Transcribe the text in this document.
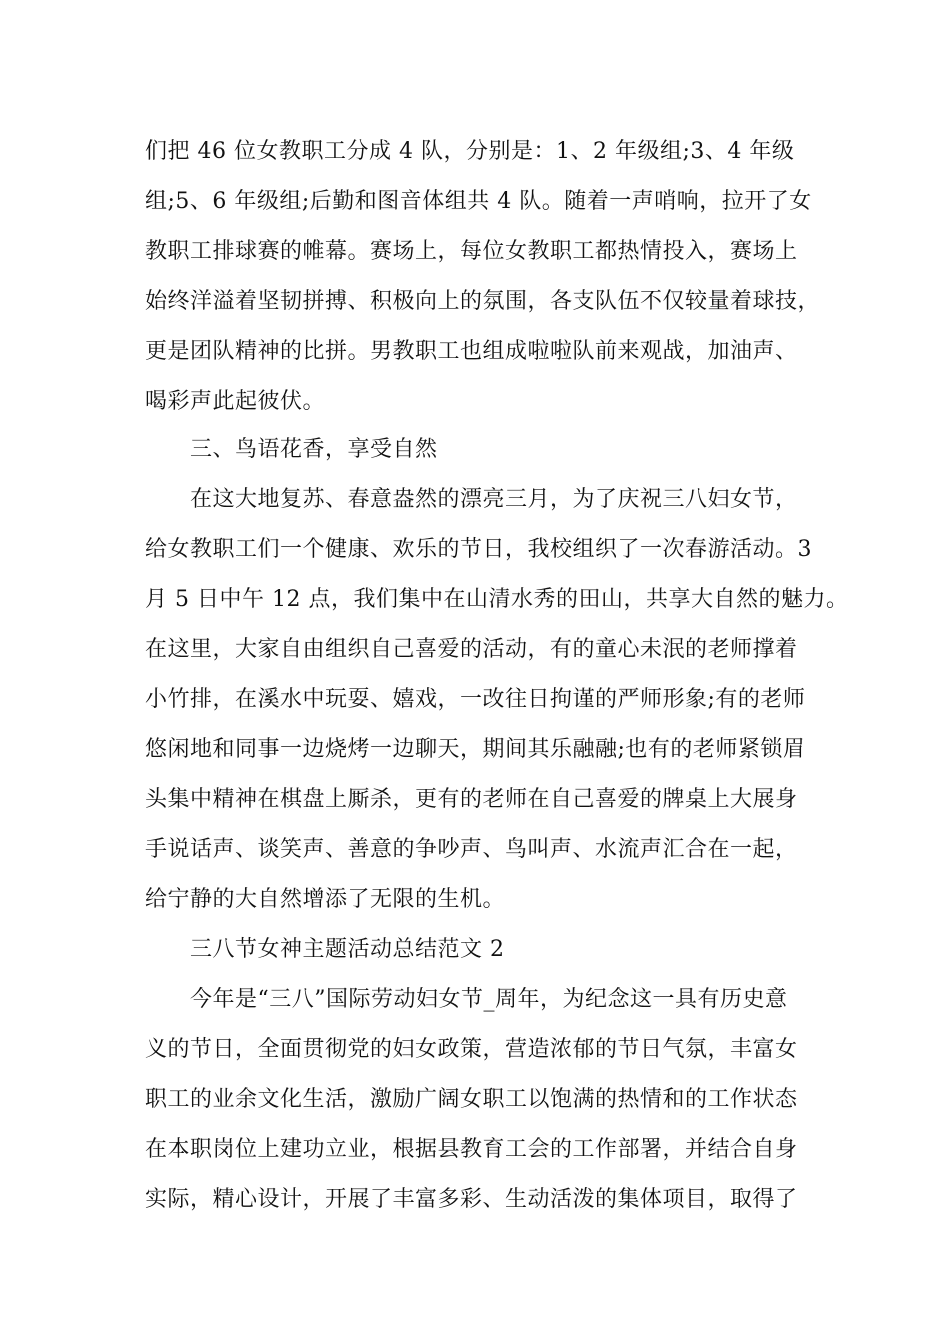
们把 46 位女教职工分成 4 队，分别是：1、2 年级组;3、4 年级
组;5、6 年级组;后勤和图音体组共 4 队。随着一声哨响，拉开了女
教职工排球赛的帷幕。赛场上，每位女教职工都热情投入，赛场上
始终洋溢着坚韧拼搏、积极向上的氛围，各支队伍不仅较量着球技，
更是团队精神的比拼。男教职工也组成啦啦队前来观战，加油声、
喝彩声此起彼伏。
三、鸟语花香，享受自然
在这大地复苏、春意盎然的漂亮三月，为了庆祝三八妇女节，
给女教职工们一个健康、欢乐的节日，我校组织了一次春游活动。3
月 5 日中午 12 点，我们集中在山清水秀的田山，共享大自然的魅力。
在这里，大家自由组织自己喜爱的活动，有的童心未泯的老师撑着
小竹排，在溪水中玩耍、嬉戏，一改往日拘谨的严师形象;有的老师
悠闲地和同事一边烧烤一边聊天，期间其乐融融;也有的老师紧锁眉
头集中精神在棋盘上厮杀，更有的老师在自己喜爱的牌桌上大展身
手说话声、谈笑声、善意的争吵声、鸟叫声、水流声汇合在一起，
给宁静的大自然增添了无限的生机。
三八节女神主题活动总结范文 2
今年是“三八”国际劳动妇女节_周年，为纪念这一具有历史意
义的节日，全面贯彻党的妇女政策，营造浓郁的节日气氛，丰富女
职工的业余文化生活，激励广阔女职工以饱满的热情和的工作状态
在本职岗位上建功立业，根据县教育工会的工作部署，并结合自身
实际，精心设计，开展了丰富多彩、生动活泼的集体项目，取得了
